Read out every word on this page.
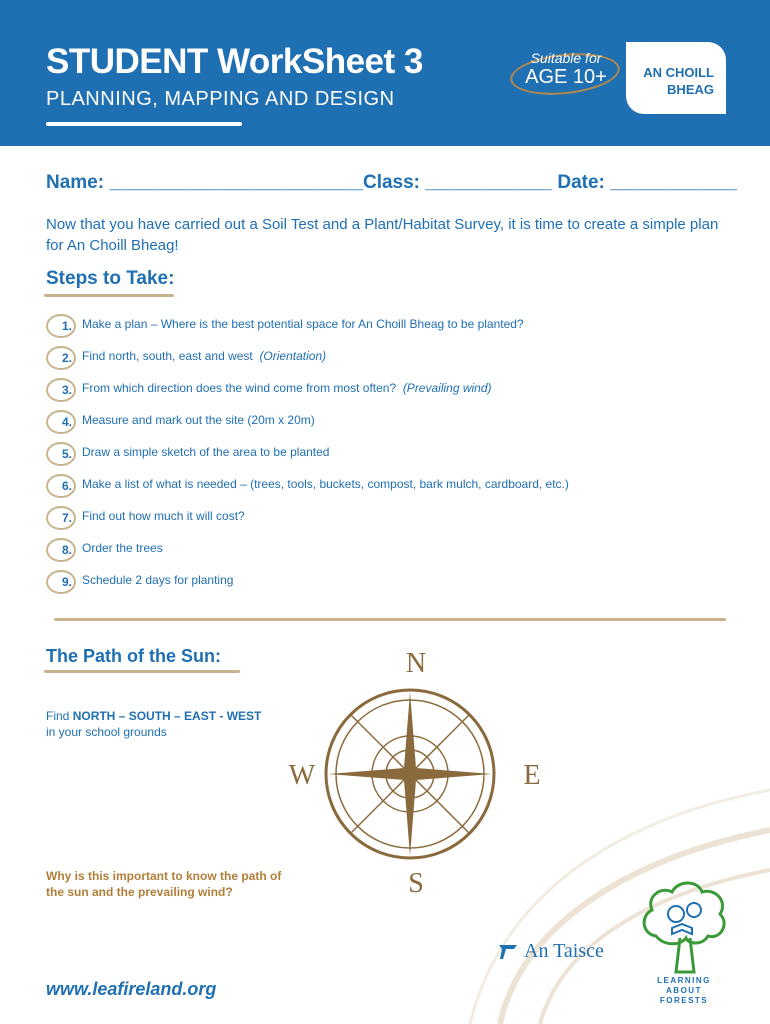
STUDENT WorkSheet 3
PLANNING, MAPPING AND DESIGN
Suitable for
AGE 10+	AN CHOILL
BHEAG
Name: ________________________Class: ____________ Date: ____________
Now that you have carried out a Soil Test and a Plant/Habitat Survey, it is time to create a simple plan for An Choill Bheag!
Steps to Take:
1. Make a plan – Where is the best potential space for An Choill Bheag to be planted?
2. Find north, south, east and west (Orientation)
3. From which direction does the wind come from most often? (Prevailing wind)
4. Measure and mark out the site (20m x 20m)
5. Draw a simple sketch of the area to be planted
6. Make a list of what is needed – (trees, tools, buckets, compost, bark mulch, cardboard, etc.)
7. Find out how much it will cost?
8. Order the trees
9. Schedule 2 days for planting
The Path of the Sun:
Find NORTH – SOUTH – EAST - WEST
in your school grounds
Why is this important to know the path of the sun and the prevailing wind?
N
S
E
W
www.leafireland.org
An Taisce
LEARNING
ABOUT
FORESTS
